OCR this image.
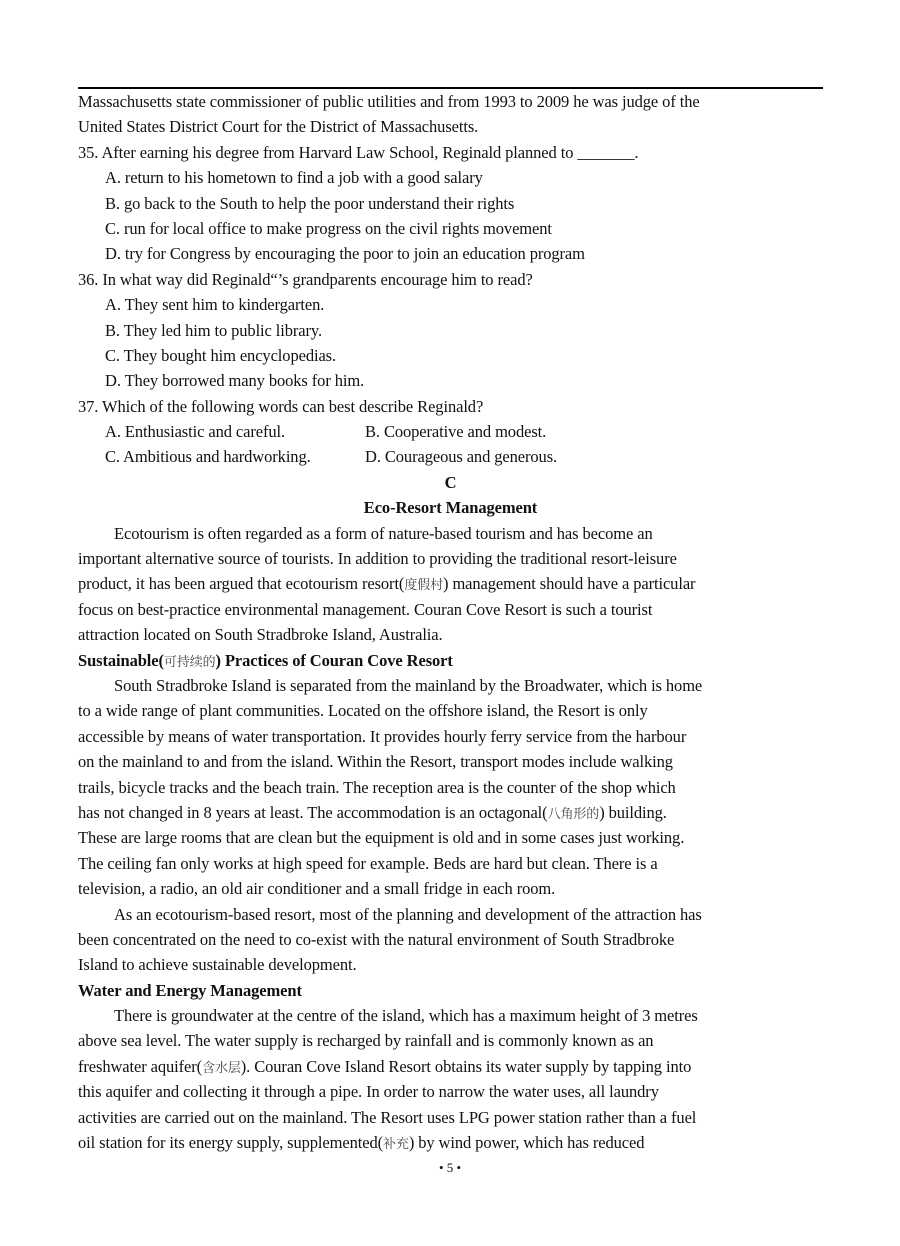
Massachusetts state commissioner of public utilities and from 1993 to 2009 he was judge of the
United States District Court for the District of Massachusetts.
35. After earning his degree from Harvard Law School, Reginald planned to _______.
A. return to his hometown to find a job with a good salary
B. go back to the South to help the poor understand their rights
C. run for local office to make progress on the civil rights movement
D. try for Congress by encouraging the poor to join an education program
36. In what way did Reginald“’s grandparents encourage him to read?
A. They sent him to kindergarten.
B. They led him to public library.
C. They bought him encyclopedias.
D. They borrowed many books for him.
37. Which of the following words can best describe Reginald?
A. Enthusiastic and careful.	B. Cooperative and modest.
C. Ambitious and hardworking.	D. Courageous and generous.
C
Eco-Resort Management
Ecotourism is often regarded as a form of nature-based tourism and has become an
important alternative source of tourists. In addition to providing the traditional resort-leisure
product, it has been argued that ecotourism resort(度假村) management should have a particular
focus on best-practice environmental management. Couran Cove Resort is such a tourist
attraction located on South Stradbroke Island, Australia.
Sustainable(可持续的) Practices of Couran Cove Resort
South Stradbroke Island is separated from the mainland by the Broadwater, which is home
to a wide range of plant communities. Located on the offshore island, the Resort is only
accessible by means of water transportation. It provides hourly ferry service from the harbour
on the mainland to and from the island. Within the Resort, transport modes include walking
trails, bicycle tracks and the beach train. The reception area is the counter of the shop which
has not changed in 8 years at least. The accommodation is an octagonal(八角形的) building.
These are large rooms that are clean but the equipment is old and in some cases just working.
The ceiling fan only works at high speed for example. Beds are hard but clean. There is a
television, a radio, an old air conditioner and a small fridge in each room.
As an ecotourism-based resort, most of the planning and development of the attraction has
been concentrated on the need to co-exist with the natural environment of South Stradbroke
Island to achieve sustainable development.
Water and Energy Management
There is groundwater at the centre of the island, which has a maximum height of 3 metres
above sea level. The water supply is recharged by rainfall and is commonly known as an
freshwater aquifer(含水层). Couran Cove Island Resort obtains its water supply by tapping into
this aquifer and collecting it through a pipe. In order to narrow the water uses, all laundry
activities are carried out on the mainland. The Resort uses LPG power station rather than a fuel
oil station for its energy supply, supplemented(补充) by wind power, which has reduced
• 5 •
